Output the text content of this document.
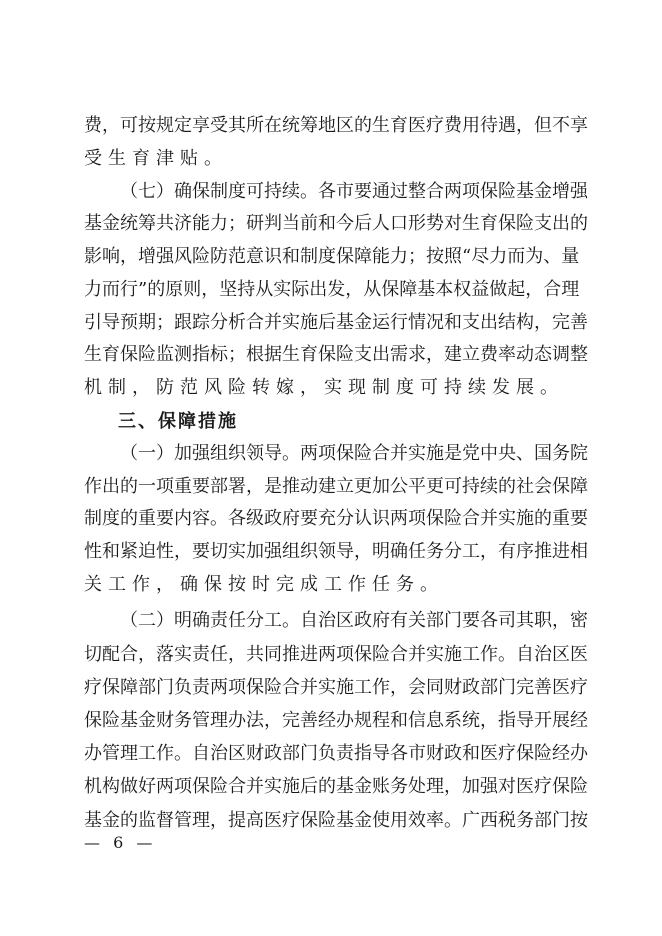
费，可按规定享受其所在统筹地区的生育医疗费用待遇，但不享
受生育津贴。
（七）确保制度可持续。各市要通过整合两项保险基金增强
基金统筹共济能力；研判当前和今后人口形势对生育保险支出的
影响，增强风险防范意识和制度保障能力；按照“尽力而为、量
力而行”的原则，坚持从实际出发，从保障基本权益做起，合理
引导预期；跟踪分析合并实施后基金运行情况和支出结构，完善
生育保险监测指标；根据生育保险支出需求，建立费率动态调整
机制，防范风险转嫁，实现制度可持续发展。
三、保障措施
（一）加强组织领导。两项保险合并实施是党中央、国务院
作出的一项重要部署，是推动建立更加公平更可持续的社会保障
制度的重要内容。各级政府要充分认识两项保险合并实施的重要
性和紧迫性，要切实加强组织领导，明确任务分工，有序推进相
关工作，确保按时完成工作任务。
（二）明确责任分工。自治区政府有关部门要各司其职，密
切配合，落实责任，共同推进两项保险合并实施工作。自治区医
疗保障部门负责两项保险合并实施工作，会同财政部门完善医疗
保险基金财务管理办法，完善经办规程和信息系统，指导开展经
办管理工作。自治区财政部门负责指导各市财政和医疗保险经办
机构做好两项保险合并实施后的基金账务处理，加强对医疗保险
基金的监督管理，提高医疗保险基金使用效率。广西税务部门按
— 6 —
